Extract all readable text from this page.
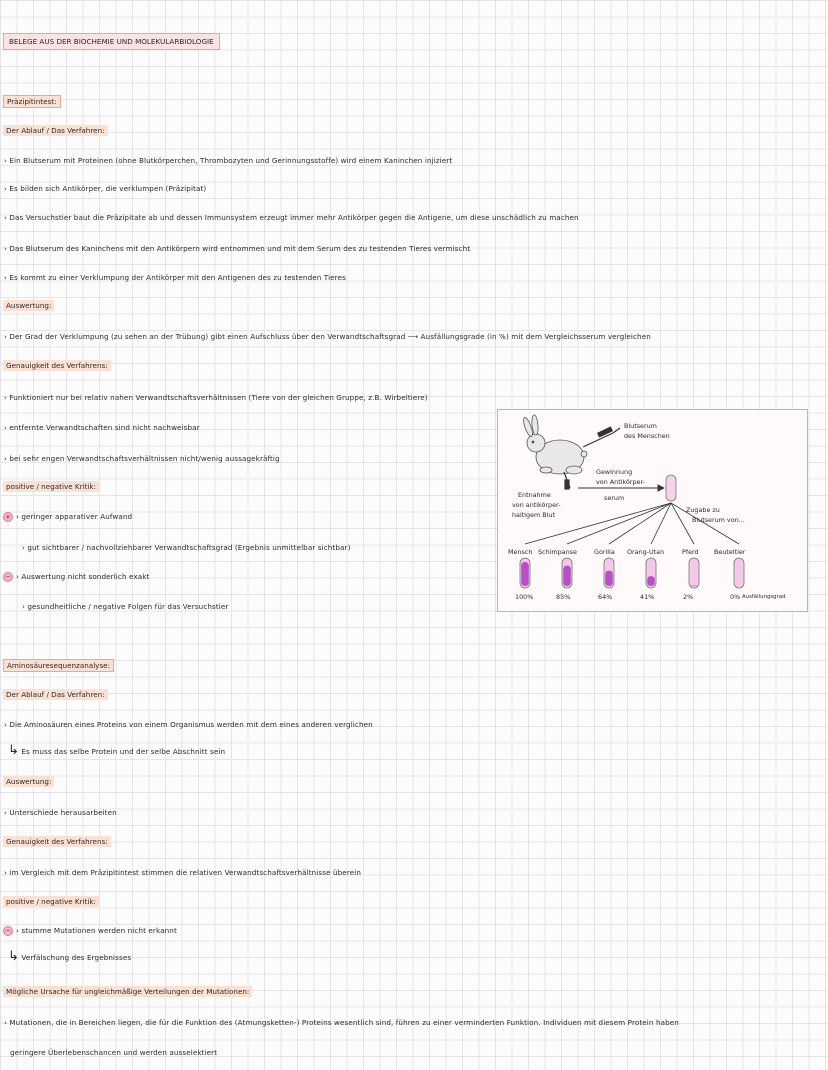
BELEGE AUS DER BIOCHEMIE UND MOLEKULARBIOLOGIE
Präzipitintest:
Der Ablauf / Das Verfahren:
› Ein Blutserum mit Proteinen (ohne Blutkörperchen, Thrombozyten und Gerinnungsstoffe) wird einem Kaninchen injiziert
› Es bilden sich Antikörper, die verklumpen (Präzipitat)
› Das Versuchstier baut die Präzipitate ab und dessen Immunsystem erzeugt immer mehr Antikörper gegen die Antigene, um diese unschädlich zu machen
› Das Blutserum des Kaninchens mit den Antikörpern wird entnommen und mit dem Serum des zu testenden Tieres vermischt
› Es kommt zu einer Verklumpung der Antikörper mit den Antigenen des zu testenden Tieres
Auswertung:
› Der Grad der Verklumpung (zu sehen an der Trübung) gibt einen Aufschluss über den Verwandtschaftsgrad ⟶ Ausfällungsgrade (in %) mit dem Vergleichsserum vergleichen
Genauigkeit des Verfahrens:
› Funktioniert nur bei relativ nahen Verwandtschaftsverhältnissen (Tiere von der gleichen Gruppe, z.B. Wirbeltiere)
› entfernte Verwandtschaften sind nicht nachweisbar
› bei sehr engen Verwandtschaftsverhältnissen nicht/wenig aussagekräftig
positive / negative Kritik:
+ › geringer apparativer Aufwand
› gut sichtbarer / nachvollziehbarer Verwandtschaftsgrad (Ergebnis unmittelbar sichtbar)
− › Auswertung nicht sonderlich exakt
› gesundheitliche / negative Folgen für das Versuchstier
Blutserum
des Menschen
Gewinnung
von Antikörper-
serum
Entnahme
von antikörper-
haltigem Blut
Zugabe zu
Blutserum von...
Mensch Schimpanse	Gorilla Orang-Utan	Pferd Beuteltier
100%	85%	64%	41%	2%	0% Ausfällungsgrad
Aminosäuresequenzanalyse:
Der Ablauf / Das Verfahren:
› Die Aminosäuren eines Proteins von einem Organismus werden mit dem eines anderen verglichen
↳ Es muss das selbe Protein und der selbe Abschnitt sein
Auswertung:
› Unterschiede herausarbeiten
Genauigkeit des Verfahrens:
› im Vergleich mit dem Präzipitintest stimmen die relativen Verwandtschaftsverhältnisse überein
positive / negative Kritik:
− › stumme Mutationen werden nicht erkannt
↳ Verfälschung des Ergebnisses
Mögliche Ursache für ungleichmäßige Verteilungen der Mutationen:
› Mutationen, die in Bereichen liegen, die für die Funktion des (Atmungsketten-) Proteins wesentlich sind, führen zu einer verminderten Funktion. Individuen mit diesem Protein haben
geringere Überlebenschancen und werden ausselektiert
